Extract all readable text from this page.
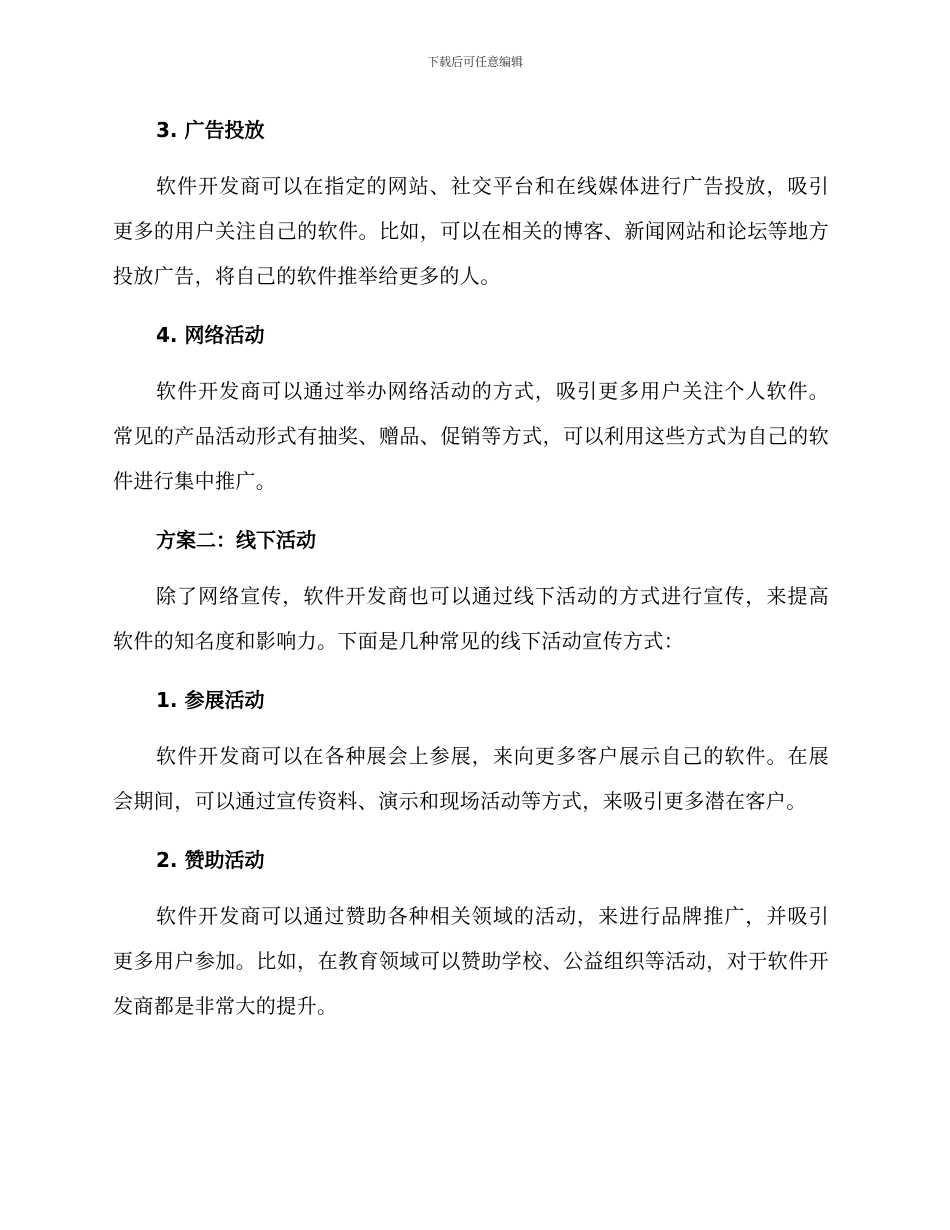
下载后可任意编辑
3. 广告投放

软件开发商可以在指定的网站、社交平台和在线媒体进行广告投放，吸引更多的用户关注自己的软件。比如，可以在相关的博客、新闻网站和论坛等地方投放广告，将自己的软件推举给更多的人。

4. 网络活动

软件开发商可以通过举办网络活动的方式，吸引更多用户关注个人软件。常见的产品活动形式有抽奖、赠品、促销等方式，可以利用这些方式为自己的软件进行集中推广。

方案二：线下活动

除了网络宣传，软件开发商也可以通过线下活动的方式进行宣传，来提高软件的知名度和影响力。下面是几种常见的线下活动宣传方式：

1. 参展活动

软件开发商可以在各种展会上参展，来向更多客户展示自己的软件。在展会期间，可以通过宣传资料、演示和现场活动等方式，来吸引更多潜在客户。

2. 赞助活动

软件开发商可以通过赞助各种相关领域的活动，来进行品牌推广，并吸引更多用户参加。比如，在教育领域可以赞助学校、公益组织等活动，对于软件开发商都是非常大的提升。
